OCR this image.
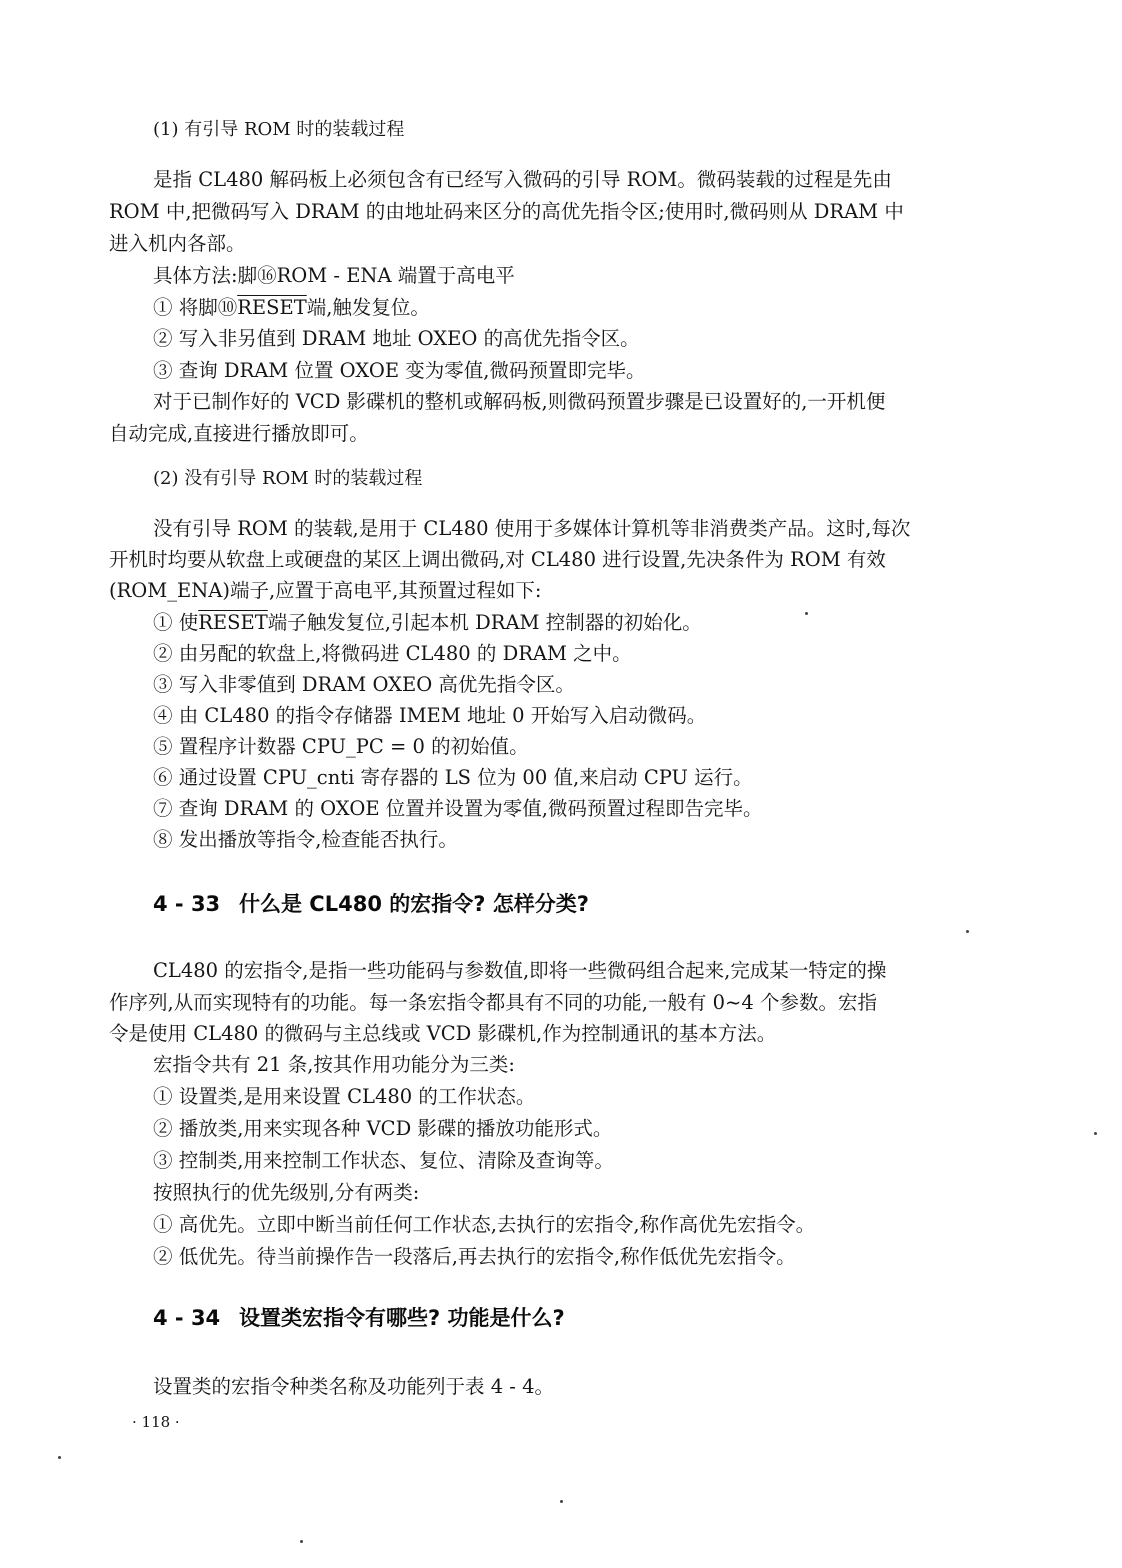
(1) 有引导 ROM 时的装载过程
是指 CL480 解码板上必须包含有已经写入微码的引导 ROM。微码装载的过程是先由
ROM 中,把微码写入 DRAM 的由地址码来区分的高优先指令区;使用时,微码则从 DRAM 中
进入机内各部。
具体方法:脚⑯ROM - ENA 端置于高电平
① 将脚⑩RESET端,触发复位。
② 写入非另值到 DRAM 地址 OXEO 的高优先指令区。
③ 查询 DRAM 位置 OXOE 变为零值,微码预置即完毕。
对于已制作好的 VCD 影碟机的整机或解码板,则微码预置步骤是已设置好的,一开机便
自动完成,直接进行播放即可。
(2) 没有引导 ROM 时的装载过程
没有引导 ROM 的装载,是用于 CL480 使用于多媒体计算机等非消费类产品。这时,每次
开机时均要从软盘上或硬盘的某区上调出微码,对 CL480 进行设置,先决条件为 ROM 有效
(ROM_ENA)端子,应置于高电平,其预置过程如下:
① 使RESET端子触发复位,引起本机 DRAM 控制器的初始化。
② 由另配的软盘上,将微码进 CL480 的 DRAM 之中。
③ 写入非零值到 DRAM OXEO 高优先指令区。
④ 由 CL480 的指令存储器 IMEM 地址 0 开始写入启动微码。
⑤ 置程序计数器 CPU_PC = 0 的初始值。
⑥ 通过设置 CPU_cnti 寄存器的 LS 位为 00 值,来启动 CPU 运行。
⑦ 查询 DRAM 的 OXOE 位置并设置为零值,微码预置过程即告完毕。
⑧ 发出播放等指令,检查能否执行。
4 - 33 什么是 CL480 的宏指令? 怎样分类?
CL480 的宏指令,是指一些功能码与参数值,即将一些微码组合起来,完成某一特定的操
作序列,从而实现特有的功能。每一条宏指令都具有不同的功能,一般有 0~4 个参数。宏指
令是使用 CL480 的微码与主总线或 VCD 影碟机,作为控制通讯的基本方法。
宏指令共有 21 条,按其作用功能分为三类:
① 设置类,是用来设置 CL480 的工作状态。
② 播放类,用来实现各种 VCD 影碟的播放功能形式。
③ 控制类,用来控制工作状态、复位、清除及查询等。
按照执行的优先级别,分有两类:
① 高优先。立即中断当前任何工作状态,去执行的宏指令,称作高优先宏指令。
② 低优先。待当前操作告一段落后,再去执行的宏指令,称作低优先宏指令。
4 - 34 设置类宏指令有哪些? 功能是什么?
设置类的宏指令种类名称及功能列于表 4 - 4。
· 118 ·
